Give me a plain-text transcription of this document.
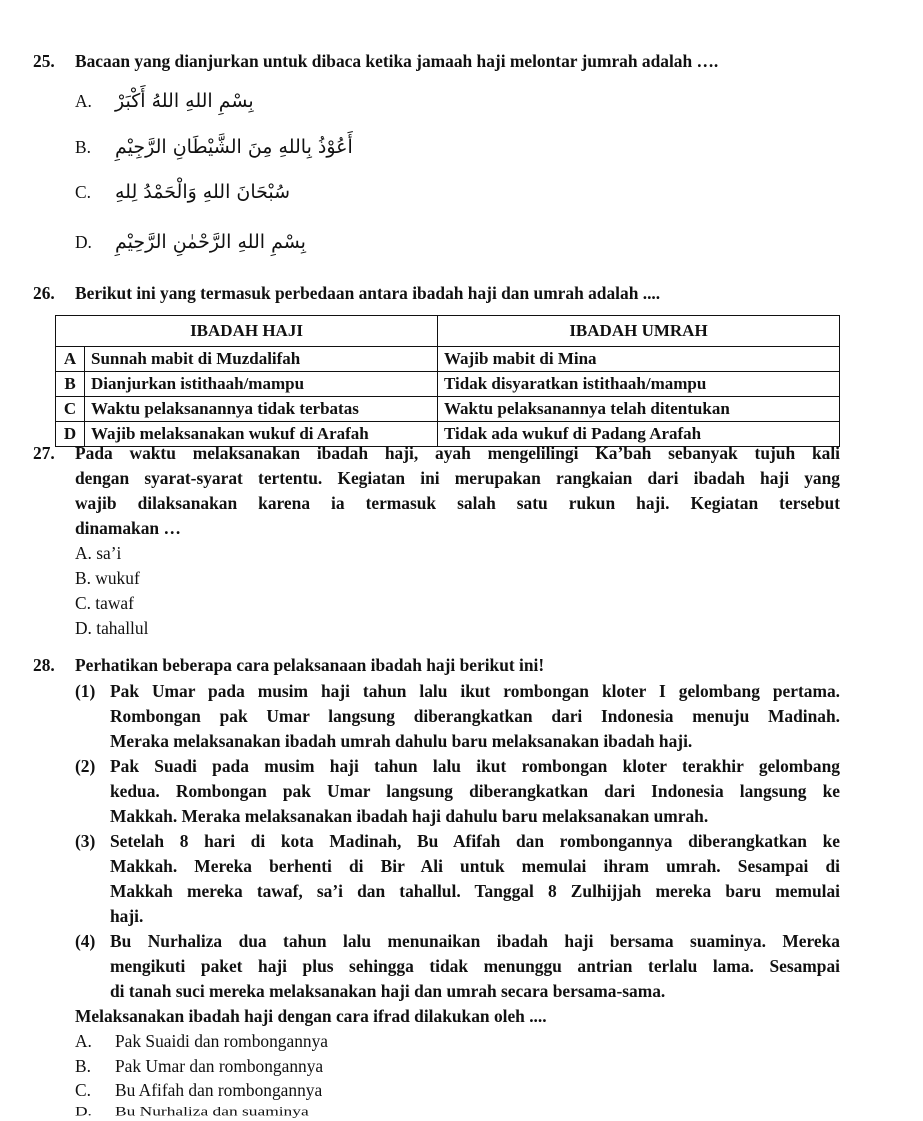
25. Bacaan yang dianjurkan untuk dibaca ketika jamaah haji melontar jumrah adalah ….
A. بِسْمِ اللهِ اللهُ أَكْبَرْ
B. أَعُوْذُ بِاللهِ مِنَ الشَّيْطَانِ الرَّجِيْمِ
C. سُبْحَانَ اللهِ وَالْحَمْدُ لِلهِ
D. بِسْمِ اللهِ الرَّحْمٰنِ الرَّحِيْمِ
26. Berikut ini yang termasuk perbedaan antara ibadah haji dan umrah adalah ....
IBADAH HAJI		IBADAH UMRAH
A	Sunnah mabit di Muzdalifah	Wajib mabit di Mina
B	Dianjurkan istithaah/mampu	Tidak disyaratkan istithaah/mampu
C	Waktu pelaksanannya tidak terbatas	Waktu pelaksanannya telah ditentukan
D	Wajib melaksanakan wukuf di Arafah	Tidak ada wukuf di Padang Arafah
27. Pada waktu melaksanakan ibadah haji, ayah mengelilingi Ka’bah sebanyak tujuh kali
dengan syarat-syarat tertentu. Kegiatan ini merupakan rangkaian dari ibadah haji yang
wajib dilaksanakan karena ia termasuk salah satu rukun haji. Kegiatan tersebut
dinamakan …
A. sa’i
B. wukuf
C. tawaf
D. tahallul
28. Perhatikan beberapa cara pelaksanaan ibadah haji berikut ini!
(1) Pak Umar pada musim haji tahun lalu ikut rombongan kloter I gelombang pertama.
Rombongan pak Umar langsung diberangkatkan dari Indonesia menuju Madinah.
Meraka melaksanakan ibadah umrah dahulu baru melaksanakan ibadah haji.
(2) Pak Suadi pada musim haji tahun lalu ikut rombongan kloter terakhir gelombang
kedua. Rombongan pak Umar langsung diberangkatkan dari Indonesia langsung ke
Makkah. Meraka melaksanakan ibadah haji dahulu baru melaksanakan umrah.
(3) Setelah 8 hari di kota Madinah, Bu Afifah dan rombongannya diberangkatkan ke
Makkah. Mereka berhenti di Bir Ali untuk memulai ihram umrah. Sesampai di
Makkah mereka tawaf, sa’i dan tahallul. Tanggal 8 Zulhijjah mereka baru memulai
haji.
(4) Bu Nurhaliza dua tahun lalu menunaikan ibadah haji bersama suaminya. Mereka
mengikuti paket haji plus sehingga tidak menunggu antrian terlalu lama. Sesampai
di tanah suci mereka melaksanakan haji dan umrah secara bersama-sama.
Melaksanakan ibadah haji dengan cara ifrad dilakukan oleh ....
A. Pak Suaidi dan rombongannya
B. Pak Umar dan rombongannya
C. Bu Afifah dan rombongannya
D. Bu Nurhaliza dan suaminya
